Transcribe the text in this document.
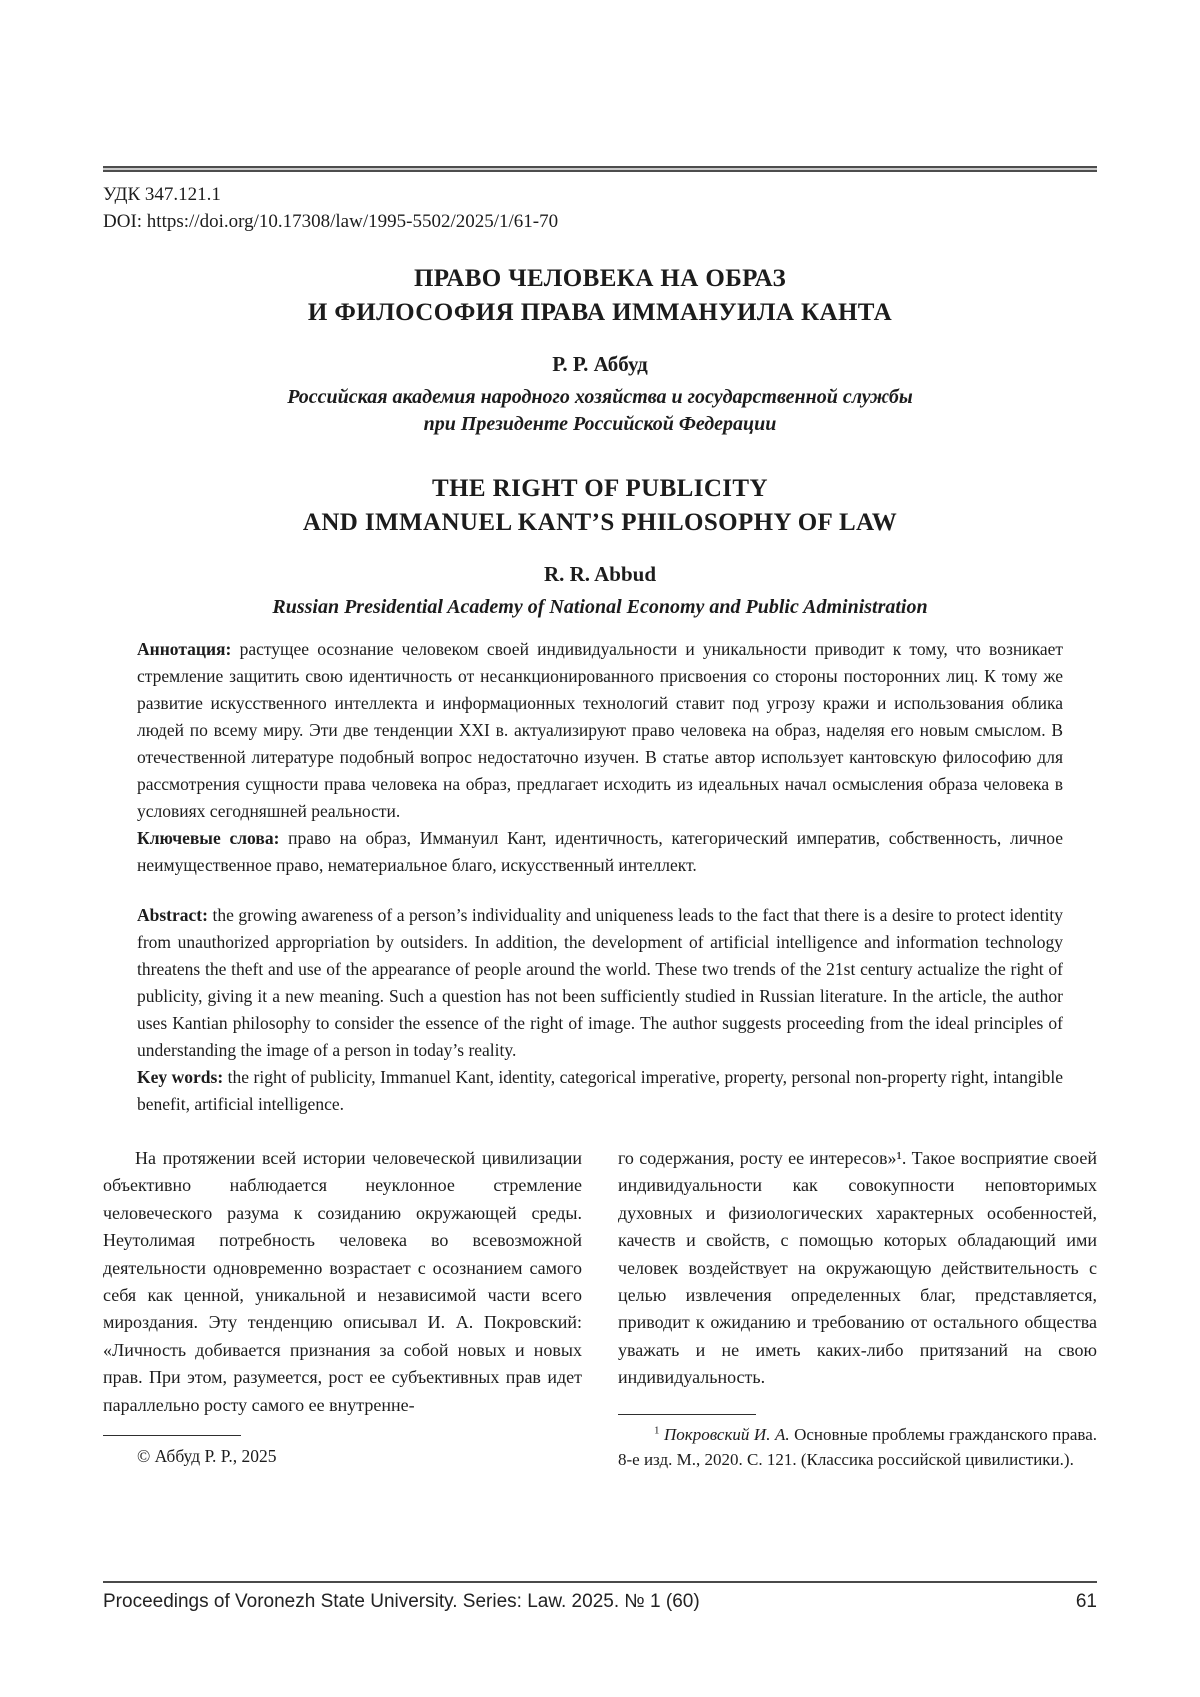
УДК 347.121.1
DOI: https://doi.org/10.17308/law/1995-5502/2025/1/61-70
ПРАВО ЧЕЛОВЕКА НА ОБРАЗ
И ФИЛОСОФИЯ ПРАВА ИММАНУИЛА КАНТА
Р. Р. Аббуд
Российская академия народного хозяйства и государственной службы
при Президенте Российской Федерации
THE RIGHT OF PUBLICITY
AND IMMANUEL KANT’S PHILOSOPHY OF LAW
R. R. Abbud
Russian Presidential Academy of National Economy and Public Administration

Аннотация: растущее осознание человеком своей индивидуальности и уникальности приводит к тому, что возникает стремление защитить свою идентичность от несанкционированного присвоения со стороны посторонних лиц. К тому же развитие искусственного интеллекта и информационных технологий ставит под угрозу кражи и использования облика людей по всему миру. Эти две тенденции XXI в. актуализируют право человека на образ, наделяя его новым смыслом. В отечественной литературе подобный вопрос недостаточно изучен. В статье автор использует кантовскую философию для рассмотрения сущности права человека на образ, предлагает исходить из идеальных начал осмысления образа человека в условиях сегодняшней реальности.

Ключевые слова: право на образ, Иммануил Кант, идентичность, категорический императив, собственность, личное неимущественное право, нематериальное благо, искусственный интеллект.

Abstract: the growing awareness of a person’s individuality and uniqueness leads to the fact that there is a desire to protect identity from unauthorized appropriation by outsiders. In addition, the development of artificial intelligence and information technology threatens the theft and use of the appearance of people around the world. These two trends of the 21st century actualize the right of publicity, giving it a new meaning. Such a question has not been sufficiently studied in Russian literature. In the article, the author uses Kantian philosophy to consider the essence of the right of image. The author suggests proceeding from the ideal principles of understanding the image of a person in today’s reality.

Key words: the right of publicity, Immanuel Kant, identity, categorical imperative, property, personal non-property right, intangible benefit, artificial intelligence.

На протяжении всей истории человеческой цивилизации объективно наблюдается неуклонное стремление человеческого разума к созиданию окружающей среды. Неутолимая потребность человека во всевозможной деятельности одновременно возрастает с осознанием самого себя как ценной, уникальной и независимой части всего мироздания. Эту тенденцию описывал И. А. Покровский: «Личность добивается признания за собой новых и новых прав. При этом, разумеется, рост ее субъективных прав идет параллельно росту самого ее внутренне-

© Аббуд Р. Р., 2025

го содержания, росту ее интересов»¹. Такое восприятие своей индивидуальности как совокупности неповторимых духовных и физиологических характерных особенностей, качеств и свойств, с помощью которых обладающий ими человек воздействует на окружающую действительность с целью извлечения определенных благ, представляется, приводит к ожиданию и требованию от остального общества уважать и не иметь каких-либо притязаний на свою индивидуальность.

$^1$ Покровский И. А. Основные проблемы гражданского права. 8-е изд. М., 2020. С. 121. (Классика российской цивилистики.).

Proceedings of Voronezh State University. Series: Law. 2025. № 1 (60)	61
